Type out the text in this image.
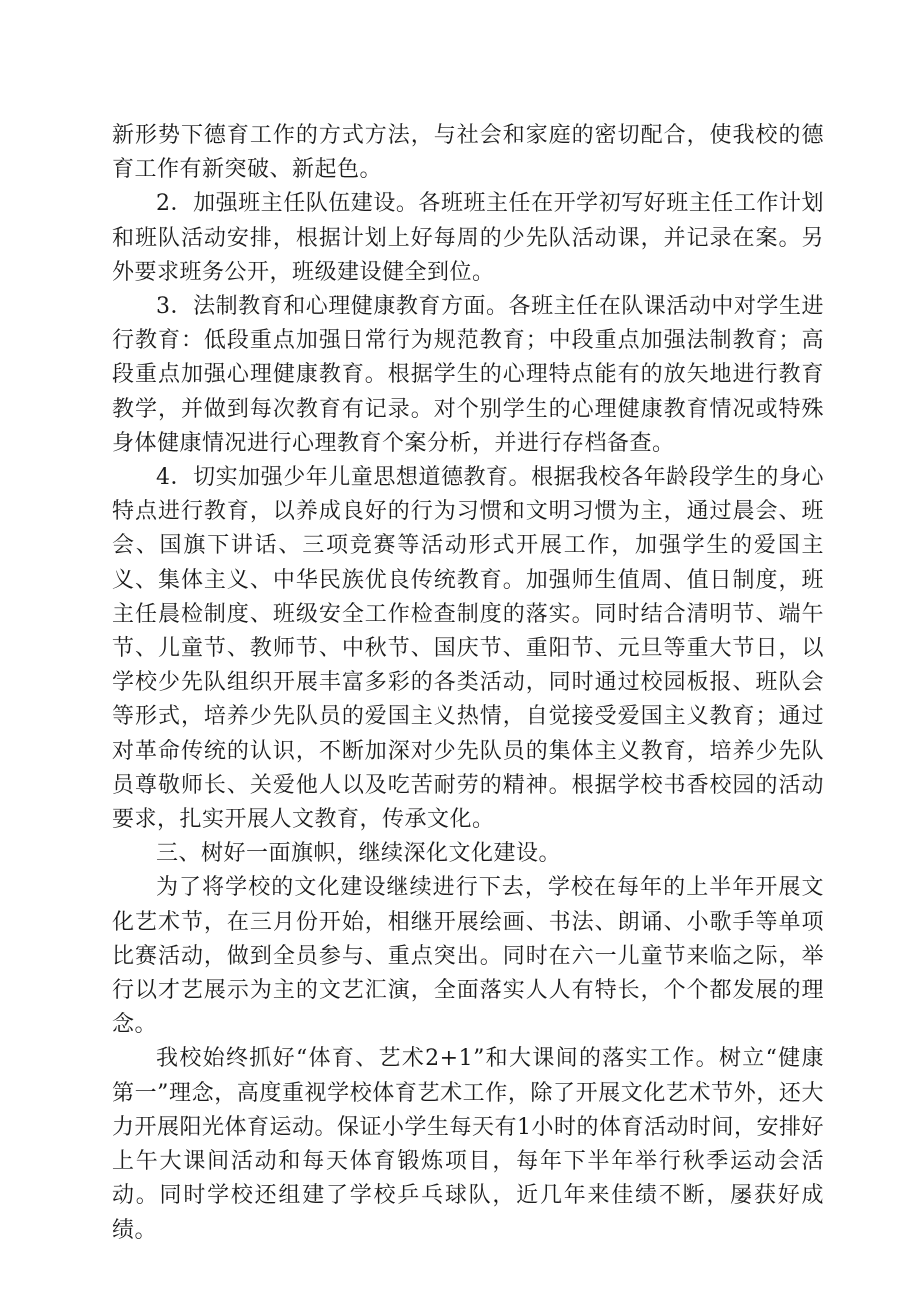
新形势下德育工作的方式方法，与社会和家庭的密切配合，使我校的德育工作有新突破、新起色。

2．加强班主任队伍建设。各班班主任在开学初写好班主任工作计划和班队活动安排，根据计划上好每周的少先队活动课，并记录在案。另外要求班务公开，班级建设健全到位。

3．法制教育和心理健康教育方面。各班主任在队课活动中对学生进行教育：低段重点加强日常行为规范教育；中段重点加强法制教育；高段重点加强心理健康教育。根据学生的心理特点能有的放矢地进行教育教学，并做到每次教育有记录。对个别学生的心理健康教育情况或特殊身体健康情况进行心理教育个案分析，并进行存档备查。

4．切实加强少年儿童思想道德教育。根据我校各年龄段学生的身心特点进行教育，以养成良好的行为习惯和文明习惯为主，通过晨会、班会、国旗下讲话、三项竞赛等活动形式开展工作，加强学生的爱国主义、集体主义、中华民族优良传统教育。加强师生值周、值日制度，班主任晨检制度、班级安全工作检查制度的落实。同时结合清明节、端午节、儿童节、教师节、中秋节、国庆节、重阳节、元旦等重大节日，以学校少先队组织开展丰富多彩的各类活动，同时通过校园板报、班队会等形式，培养少先队员的爱国主义热情，自觉接受爱国主义教育；通过对革命传统的认识，不断加深对少先队员的集体主义教育，培养少先队员尊敬师长、关爱他人以及吃苦耐劳的精神。根据学校书香校园的活动要求，扎实开展人文教育，传承文化。

三、树好一面旗帜，继续深化文化建设。

为了将学校的文化建设继续进行下去，学校在每年的上半年开展文化艺术节，在三月份开始，相继开展绘画、书法、朗诵、小歌手等单项比赛活动，做到全员参与、重点突出。同时在六一儿童节来临之际，举行以才艺展示为主的文艺汇演，全面落实人人有特长，个个都发展的理念。

我校始终抓好“体育、艺术2+1”和大课间的落实工作。树立“健康第一”理念，高度重视学校体育艺术工作，除了开展文化艺术节外，还大力开展阳光体育运动。保证小学生每天有1小时的体育活动时间，安排好上午大课间活动和每天体育锻炼项目，每年下半年举行秋季运动会活动。同时学校还组建了学校乒乓球队，近几年来佳绩不断，屡获好成绩。
